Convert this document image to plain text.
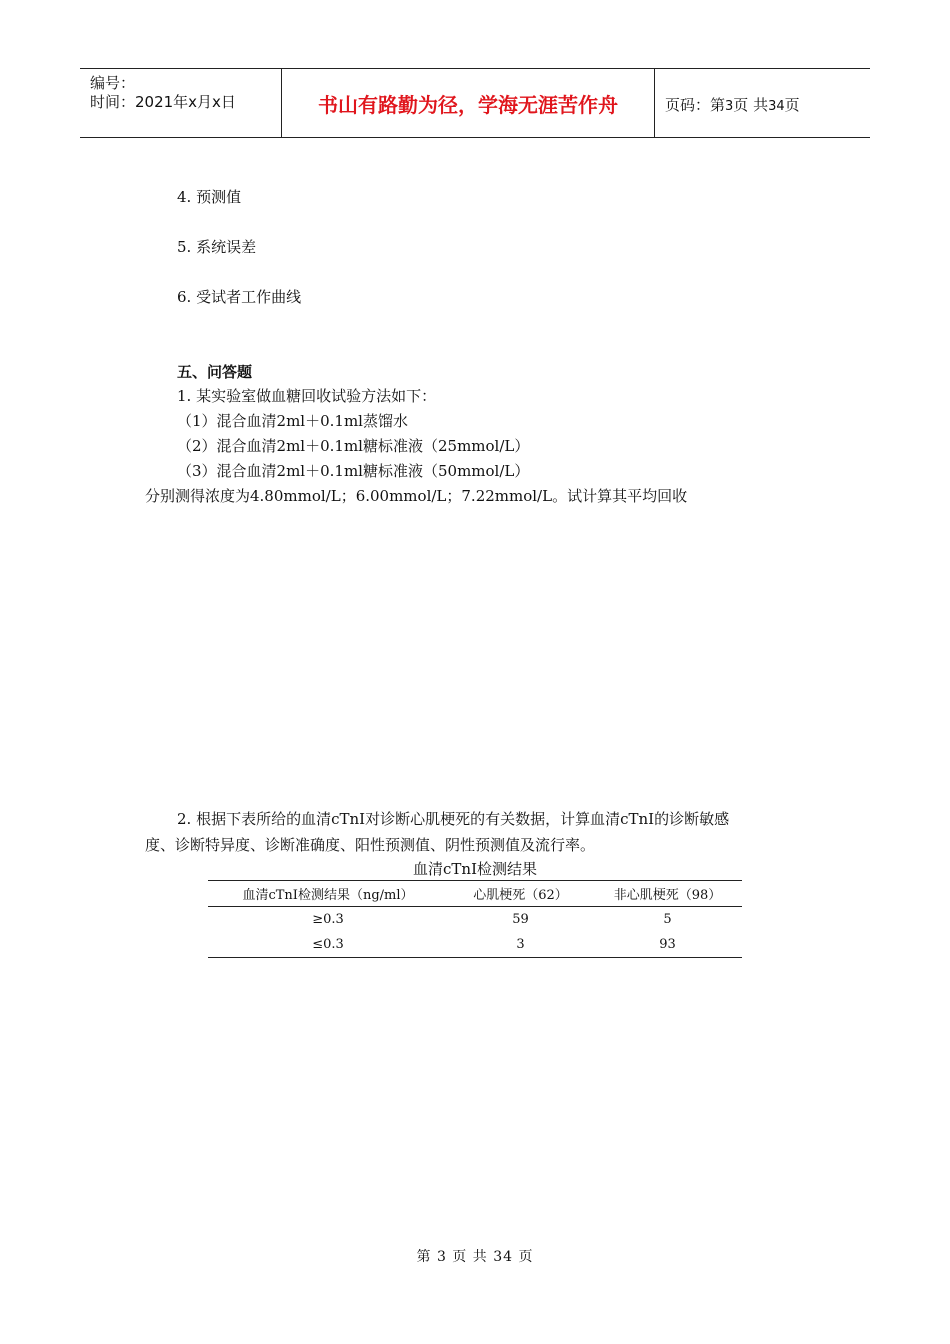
编号：
时间：2021年x月x日	书山有路勤为径，学海无涯苦作舟	页码：第3页 共34页
4. 预测值
5. 系统误差
6. 受试者工作曲线
五、问答题
1. 某实验室做血糖回收试验方法如下：
（1）混合血清2ml＋0.1ml蒸馏水
（2）混合血清2ml＋0.1ml糖标准液（25mmol/L）
（3）混合血清2ml＋0.1ml糖标准液（50mmol/L）
分别测得浓度为4.80mmol/L；6.00mmol/L；7.22mmol/L。试计算其平均回收
2. 根据下表所给的血清cTnI对诊断心肌梗死的有关数据，计算血清cTnI的诊断敏感
度、诊断特异度、诊断准确度、阳性预测值、阴性预测值及流行率。
血清cTnI检测结果
血清cTnI检测结果（ng/ml）	心肌梗死（62）	非心肌梗死（98）
≥0.3	59	5
≤0.3	3	93
第 3 页 共 34 页
